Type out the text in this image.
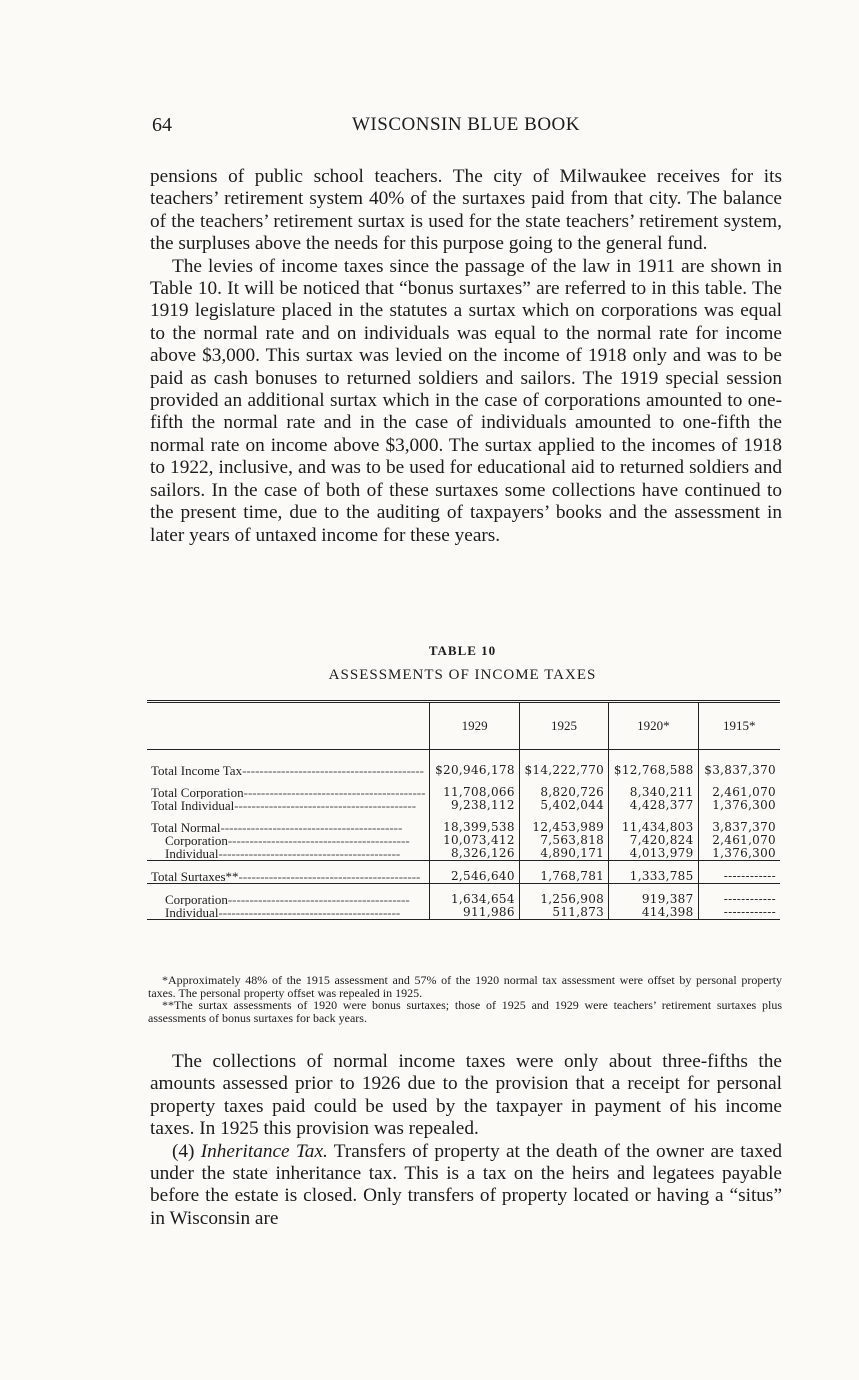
64	WISCONSIN BLUE BOOK

pensions of public school teachers. The city of Milwaukee receives for its teachers’ retirement system 40% of the surtaxes paid from that city. The balance of the teachers’ retirement surtax is used for the state teachers’ retirement system, the surpluses above the needs for this purpose going to the general fund.

The levies of income taxes since the passage of the law in 1911 are shown in Table 10. It will be noticed that “bonus surtaxes” are referred to in this table. The 1919 legislature placed in the statutes a surtax which on corporations was equal to the normal rate and on individuals was equal to the normal rate for income above $3,000. This surtax was levied on the income of 1918 only and was to be paid as cash bonuses to returned soldiers and sailors. The 1919 special session provided an additional surtax which in the case of corporations amounted to one-fifth the normal rate and in the case of individuals amounted to one-fifth the normal rate on income above $3,000. The surtax applied to the incomes of 1918 to 1922, inclusive, and was to be used for educational aid to returned soldiers and sailors. In the case of both of these surtaxes some collections have continued to the present time, due to the auditing of taxpayers’ books and the assessment in later years of untaxed income for these years.

TABLE 10
ASSESSMENTS OF INCOME TAXES
	1929	1925	1920*	1915*

Total Income Tax------------------------------------------	$20,946,178	$14,222,770	$12,768,588	$3,837,370

Total Corporation------------------------------------------	11,708,066	8,820,726	8,340,211	2,461,070
Total Individual------------------------------------------	9,238,112	5,402,044	4,428,377	1,376,300

Total Normal------------------------------------------	18,399,538	12,453,989	11,434,803	3,837,370
Corporation------------------------------------------	10,073,412	7,563,818	7,420,824	2,461,070
Individual------------------------------------------	8,326,126	4,890,171	4,013,979	1,376,300

Total Surtaxes**------------------------------------------	2,546,640	1,768,781	1,333,785	------------

Corporation------------------------------------------	1,634,654	1,256,908	919,387	------------
Individual------------------------------------------	911,986	511,873	414,398	------------

*Approximately 48% of the 1915 assessment and 57% of the 1920 normal tax assessment were offset by personal property taxes. The personal property offset was repealed in 1925.

**The surtax assessments of 1920 were bonus surtaxes; those of 1925 and 1929 were teachers’ retirement surtaxes plus assessments of bonus surtaxes for back years.

The collections of normal income taxes were only about three-fifths the amounts assessed prior to 1926 due to the provision that a receipt for personal property taxes paid could be used by the taxpayer in payment of his income taxes. In 1925 this provision was repealed.

(4) Inheritance Tax. Transfers of property at the death of the owner are taxed under the state inheritance tax. This is a tax on the heirs and legatees payable before the estate is closed. Only transfers of property located or having a “situs” in Wisconsin are
